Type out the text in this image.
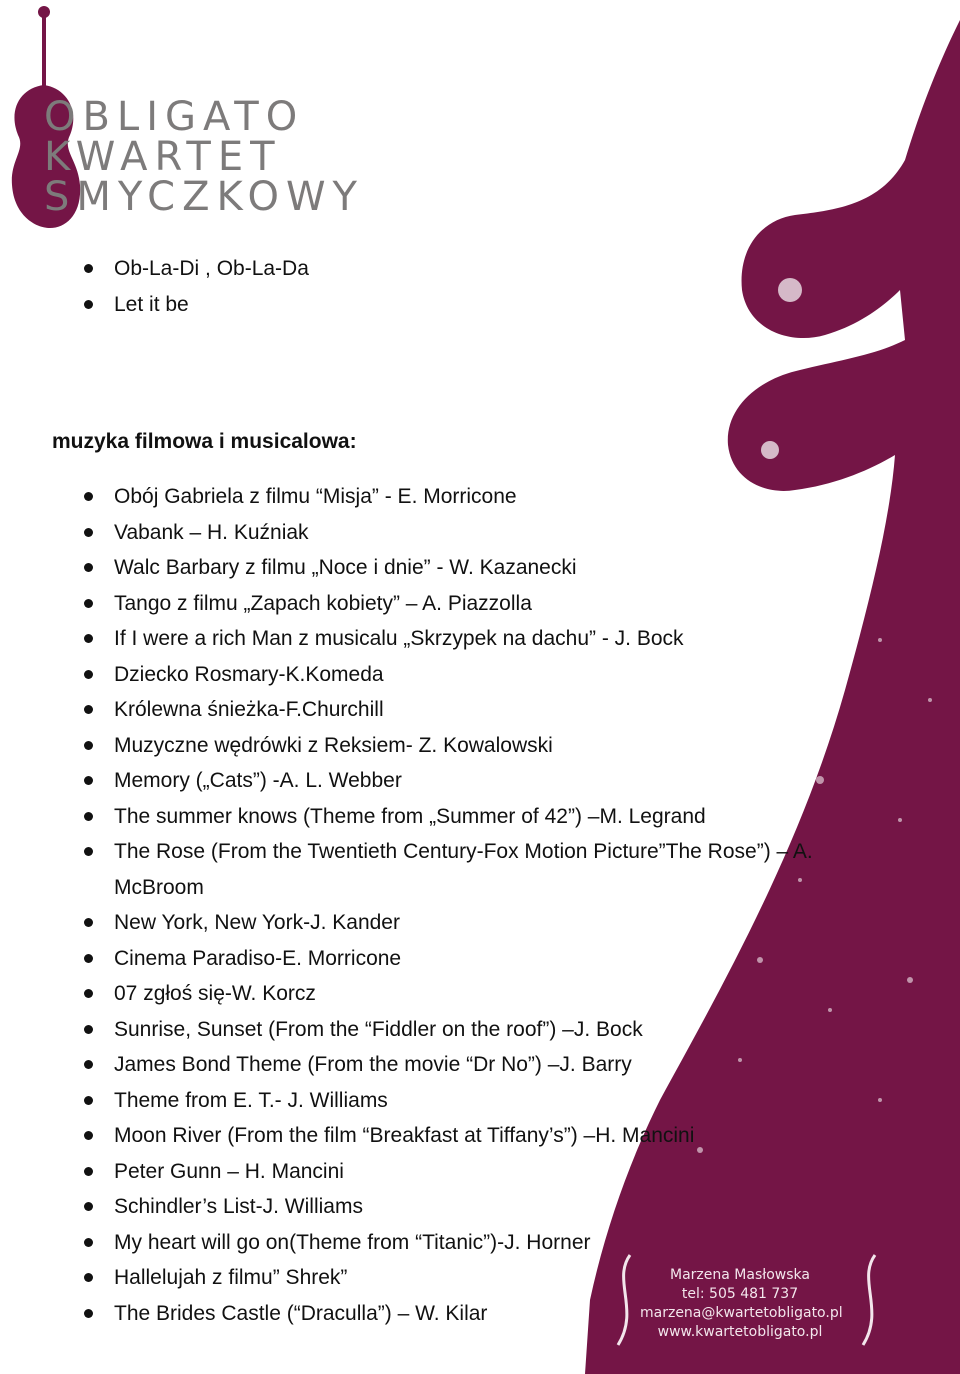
OBLIGATO
KWARTET
SMYCZKOWY
Ob-La-Di , Ob-La-Da
Let it be
muzyka filmowa i musicalowa:
Obój Gabriela z filmu “Misja” - E. Morricone
Vabank – H. Kuźniak
Walc Barbary z filmu „Noce i dnie” - W. Kazanecki
Tango z filmu „Zapach kobiety” – A. Piazzolla
If I were a rich Man z musicalu „Skrzypek na dachu” - J. Bock
Dziecko Rosmary-K.Komeda
Królewna śnieżka-F.Churchill
Muzyczne wędrówki z Reksiem- Z. Kowalowski
Memory („Cats”) -A. L. Webber
The summer knows (Theme from „Summer of 42”) –M. Legrand
The Rose (From the Twentieth Century-Fox Motion Picture”The Rose”) – A. McBroom
New York, New York-J. Kander
Cinema Paradiso-E. Morricone
07 zgłoś się-W. Korcz
Sunrise, Sunset (From the “Fiddler on the roof”) –J. Bock
James Bond Theme (From the movie “Dr No”) –J. Barry
Theme from E. T.- J. Williams
Moon River (From the film “Breakfast at Tiffany’s”) –H. Mancini
Peter Gunn – H. Mancini
Schindler’s List-J. Williams
My heart will go on(Theme from “Titanic”)-J. Horner
Hallelujah z filmu” Shrek”
The Brides Castle (“Draculla”) – W. Kilar
Marzena Masłowska
tel: 505 481 737
marzena@kwartetobligato.pl
www.kwartetobligato.pl
